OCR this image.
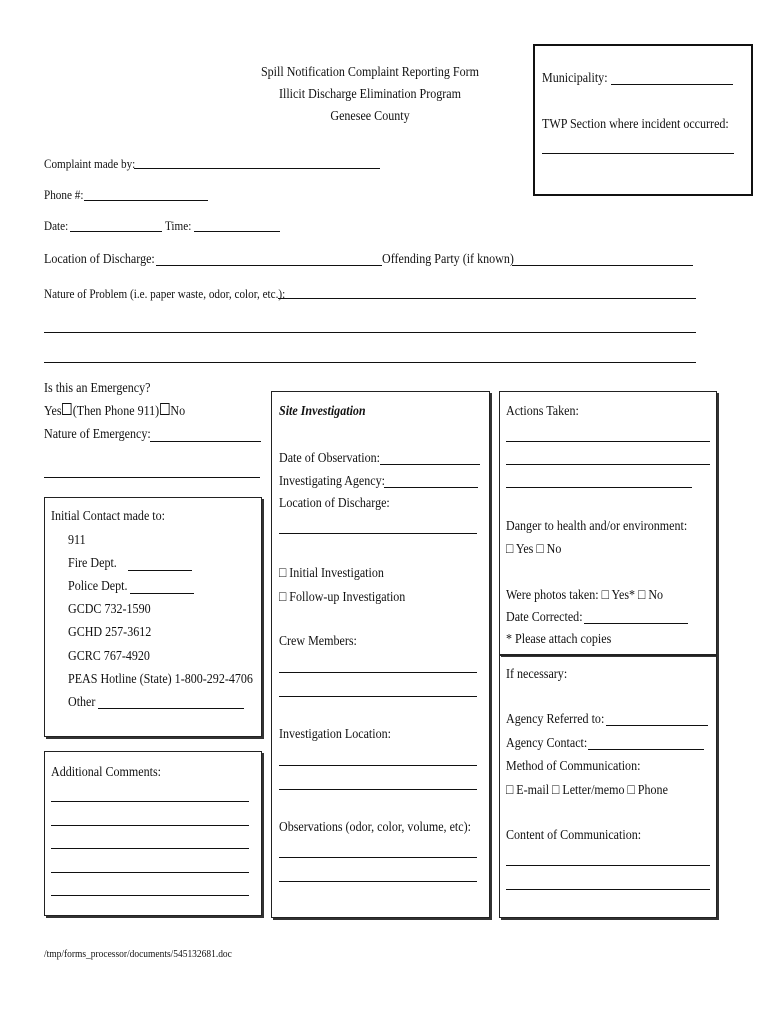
Spill Notification Complaint Reporting Form
Illicit Discharge Elimination Program
Genesee County
Municipality:
TWP Section where incident occurred:
Complaint made by:
Phone #:
Date:	Time:
Location of Discharge:	Offending Party (if known)
Nature of Problem (i.e. paper waste, odor, color, etc.):
Is this an Emergency?
Yes (Then Phone 911) No
Nature of Emergency:
Initial Contact made to:
911
Fire Dept.
Police Dept.
GCDC 732-1590
GCHD 257-3612
GCRC 767-4920
PEAS Hotline (State) 1-800-292-4706
Other
Additional Comments:
Site Investigation
Date of Observation:
Investigating Agency:
Location of Discharge:
□ Initial Investigation
□ Follow-up Investigation
Crew Members:
Investigation Location:
Observations (odor, color, volume, etc):
Actions Taken:
Danger to health and/or environment:
□ Yes □ No
Were photos taken: □ Yes* □ No
Date Corrected:
* Please attach copies
If necessary:
Agency Referred to:
Agency Contact:
Method of Communication:
□ E-mail □ Letter/memo □ Phone
Content of Communication:
/tmp/forms_processor/documents/545132681.doc
